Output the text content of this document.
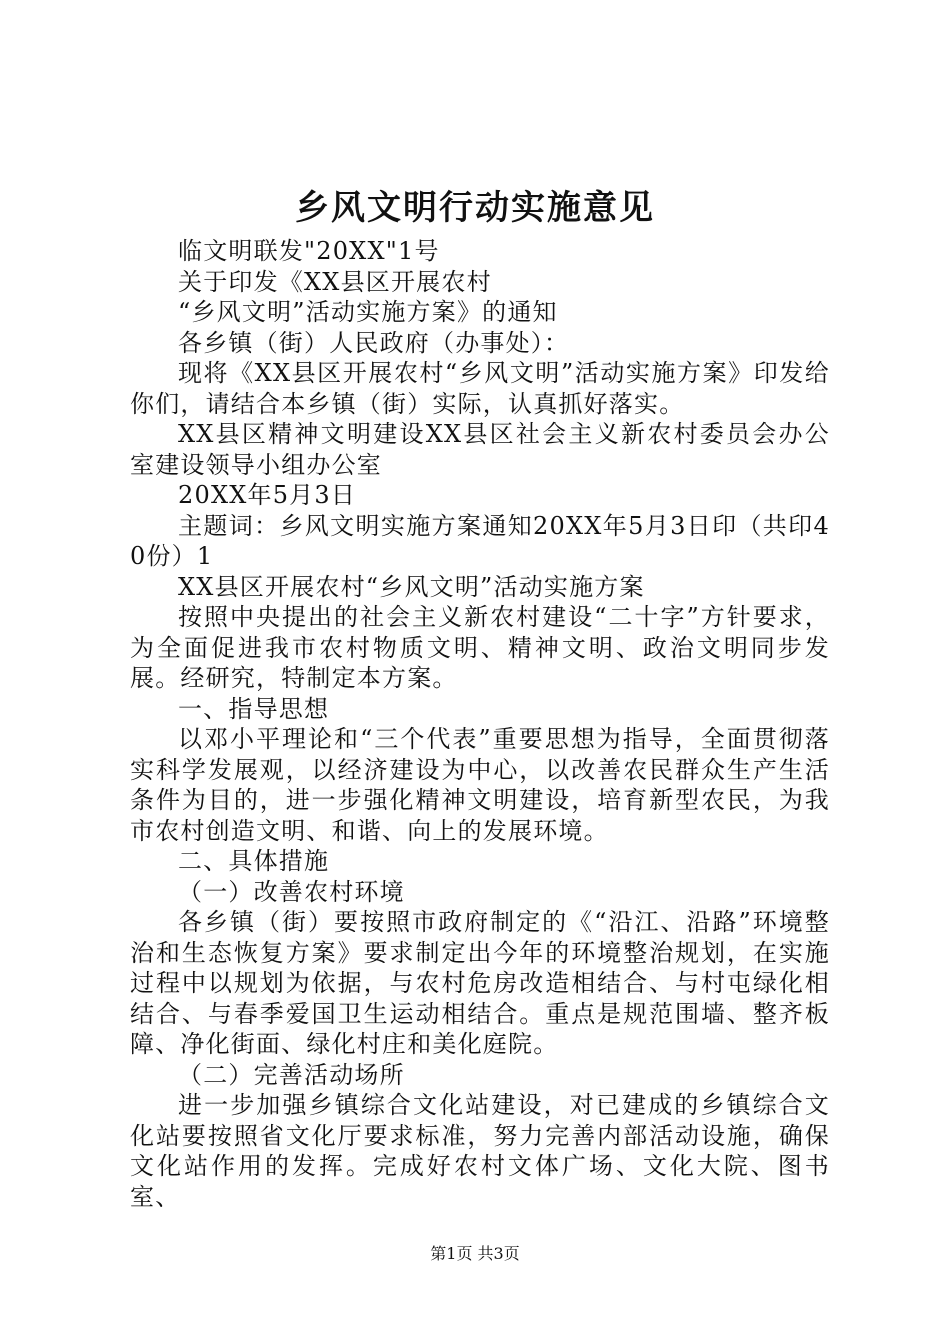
乡风文明行动实施意见

临文明联发"20XX"1号

关于印发《XX县区开展农村

“乡风文明”活动实施方案》的通知

各乡镇（街）人民政府（办事处）：

现将《XX县区开展农村“乡风文明”活动实施方案》印发给你们，请结合本乡镇（街）实际，认真抓好落实。

XX县区精神文明建设XX县区社会主义新农村委员会办公室建设领导小组办公室

20XX年5月3日

主题词：乡风文明实施方案通知20XX年5月3日印（共印40份）1

XX县区开展农村“乡风文明”活动实施方案

按照中央提出的社会主义新农村建设“二十字”方针要求，为全面促进我市农村物质文明、精神文明、政治文明同步发展。经研究，特制定本方案。

一、指导思想

以邓小平理论和“三个代表”重要思想为指导，全面贯彻落实科学发展观，以经济建设为中心，以改善农民群众生产生活条件为目的，进一步强化精神文明建设，培育新型农民，为我市农村创造文明、和谐、向上的发展环境。

二、具体措施

（一）改善农村环境

各乡镇（街）要按照市政府制定的《“沿江、沿路”环境整治和生态恢复方案》要求制定出今年的环境整治规划，在实施过程中以规划为依据，与农村危房改造相结合、与村屯绿化相结合、与春季爱国卫生运动相结合。重点是规范围墙、整齐板障、净化街面、绿化村庄和美化庭院。

（二）完善活动场所

进一步加强乡镇综合文化站建设，对已建成的乡镇综合文化站要按照省文化厅要求标准，努力完善内部活动设施，确保文化站作用的发挥。完成好农村文体广场、文化大院、图书室、

第1页 共3页
